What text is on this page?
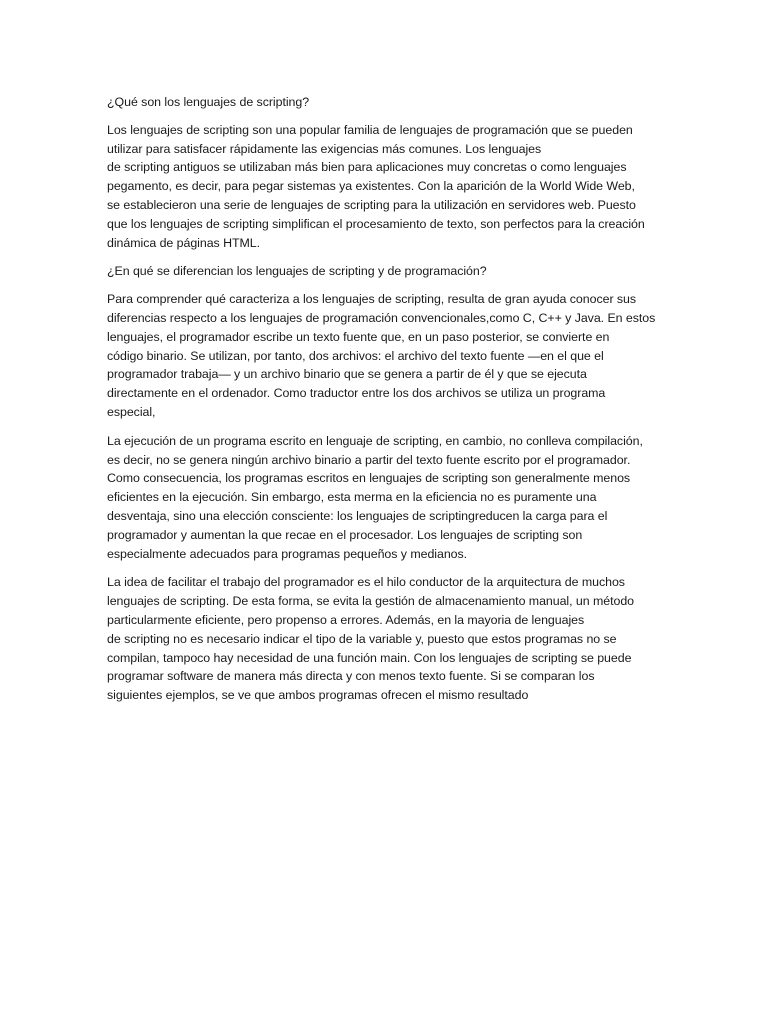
¿Qué son los lenguajes de scripting?
Los lenguajes de scripting son una popular familia de lenguajes de programación que se pueden
utilizar para satisfacer rápidamente las exigencias más comunes. Los lenguajes
de scripting antiguos se utilizaban más bien para aplicaciones muy concretas o como lenguajes
pegamento, es decir, para pegar sistemas ya existentes. Con la aparición de la World Wide Web,
se establecieron una serie de lenguajes de scripting para la utilización en servidores web. Puesto
que los lenguajes de scripting simplifican el procesamiento de texto, son perfectos para la creación
dinámica de páginas HTML.
¿En qué se diferencian los lenguajes de scripting y de programación?
Para comprender qué caracteriza a los lenguajes de scripting, resulta de gran ayuda conocer sus
diferencias respecto a los lenguajes de programación convencionales,como C, C++ y Java. En estos
lenguajes, el programador escribe un texto fuente que, en un paso posterior, se convierte en
código binario. Se utilizan, por tanto, dos archivos: el archivo del texto fuente —en el que el
programador trabaja— y un archivo binario que se genera a partir de él y que se ejecuta
directamente en el ordenador. Como traductor entre los dos archivos se utiliza un programa
especial,
La ejecución de un programa escrito en lenguaje de scripting, en cambio, no conlleva compilación,
es decir, no se genera ningún archivo binario a partir del texto fuente escrito por el programador.
Como consecuencia, los programas escritos en lenguajes de scripting son generalmente menos
eficientes en la ejecución. Sin embargo, esta merma en la eficiencia no es puramente una
desventaja, sino una elección consciente: los lenguajes de scriptingreducen la carga para el
programador y aumentan la que recae en el procesador. Los lenguajes de scripting son
especialmente adecuados para programas pequeños y medianos.
La idea de facilitar el trabajo del programador es el hilo conductor de la arquitectura de muchos
lenguajes de scripting. De esta forma, se evita la gestión de almacenamiento manual, un método
particularmente eficiente, pero propenso a errores. Además, en la mayoria de lenguajes
de scripting no es necesario indicar el tipo de la variable y, puesto que estos programas no se
compilan, tampoco hay necesidad de una función main. Con los lenguajes de scripting se puede
programar software de manera más directa y con menos texto fuente. Si se comparan los
siguientes ejemplos, se ve que ambos programas ofrecen el mismo resultado
